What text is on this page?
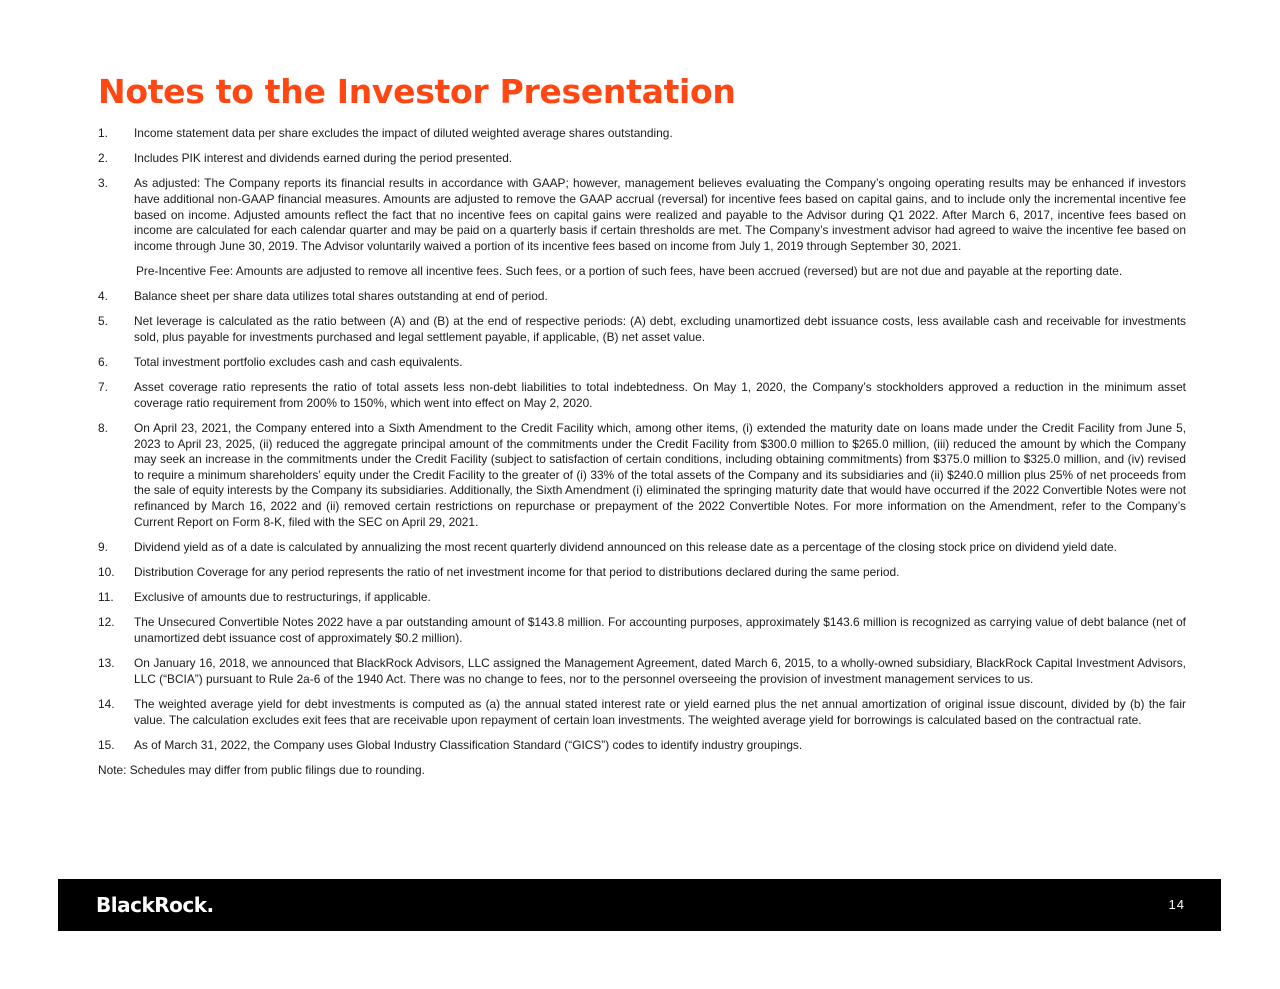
Notes to the Investor Presentation
1. Income statement data per share excludes the impact of diluted weighted average shares outstanding.
2. Includes PIK interest and dividends earned during the period presented.
3. As adjusted: The Company reports its financial results in accordance with GAAP; however, management believes evaluating the Company’s ongoing operating results may be enhanced if investors have additional non-GAAP financial measures. Amounts are adjusted to remove the GAAP accrual (reversal) for incentive fees based on capital gains, and to include only the incremental incentive fee based on income. Adjusted amounts reflect the fact that no incentive fees on capital gains were realized and payable to the Advisor during Q1 2022. After March 6, 2017, incentive fees based on income are calculated for each calendar quarter and may be paid on a quarterly basis if certain thresholds are met. The Company’s investment advisor had agreed to waive the incentive fee based on income through June 30, 2019. The Advisor voluntarily waived a portion of its incentive fees based on income from July 1, 2019 through September 30, 2021.
Pre-Incentive Fee: Amounts are adjusted to remove all incentive fees. Such fees, or a portion of such fees, have been accrued (reversed) but are not due and payable at the reporting date.
4. Balance sheet per share data utilizes total shares outstanding at end of period.
5. Net leverage is calculated as the ratio between (A) and (B) at the end of respective periods: (A) debt, excluding unamortized debt issuance costs, less available cash and receivable for investments sold, plus payable for investments purchased and legal settlement payable, if applicable, (B) net asset value.
6. Total investment portfolio excludes cash and cash equivalents.
7. Asset coverage ratio represents the ratio of total assets less non-debt liabilities to total indebtedness. On May 1, 2020, the Company’s stockholders approved a reduction in the minimum asset coverage ratio requirement from 200% to 150%, which went into effect on May 2, 2020.
8. On April 23, 2021, the Company entered into a Sixth Amendment to the Credit Facility which, among other items, (i) extended the maturity date on loans made under the Credit Facility from June 5, 2023 to April 23, 2025, (ii) reduced the aggregate principal amount of the commitments under the Credit Facility from $300.0 million to $265.0 million, (iii) reduced the amount by which the Company may seek an increase in the commitments under the Credit Facility (subject to satisfaction of certain conditions, including obtaining commitments) from $375.0 million to $325.0 million, and (iv) revised to require a minimum shareholders’ equity under the Credit Facility to the greater of (i) 33% of the total assets of the Company and its subsidiaries and (ii) $240.0 million plus 25% of net proceeds from the sale of equity interests by the Company its subsidiaries. Additionally, the Sixth Amendment (i) eliminated the springing maturity date that would have occurred if the 2022 Convertible Notes were not refinanced by March 16, 2022 and (ii) removed certain restrictions on repurchase or prepayment of the 2022 Convertible Notes. For more information on the Amendment, refer to the Company’s Current Report on Form 8-K, filed with the SEC on April 29, 2021.
9. Dividend yield as of a date is calculated by annualizing the most recent quarterly dividend announced on this release date as a percentage of the closing stock price on dividend yield date.
10. Distribution Coverage for any period represents the ratio of net investment income for that period to distributions declared during the same period.
11. Exclusive of amounts due to restructurings, if applicable.
12. The Unsecured Convertible Notes 2022 have a par outstanding amount of $143.8 million. For accounting purposes, approximately $143.6 million is recognized as carrying value of debt balance (net of unamortized debt issuance cost of approximately $0.2 million).
13. On January 16, 2018, we announced that BlackRock Advisors, LLC assigned the Management Agreement, dated March 6, 2015, to a wholly-owned subsidiary, BlackRock Capital Investment Advisors, LLC (“BCIA”) pursuant to Rule 2a-6 of the 1940 Act. There was no change to fees, nor to the personnel overseeing the provision of investment management services to us.
14. The weighted average yield for debt investments is computed as (a) the annual stated interest rate or yield earned plus the net annual amortization of original issue discount, divided by (b) the fair value. The calculation excludes exit fees that are receivable upon repayment of certain loan investments. The weighted average yield for borrowings is calculated based on the contractual rate.
15. As of March 31, 2022, the Company uses Global Industry Classification Standard (“GICS”) codes to identify industry groupings.
Note: Schedules may differ from public filings due to rounding.
BlackRock.	14
